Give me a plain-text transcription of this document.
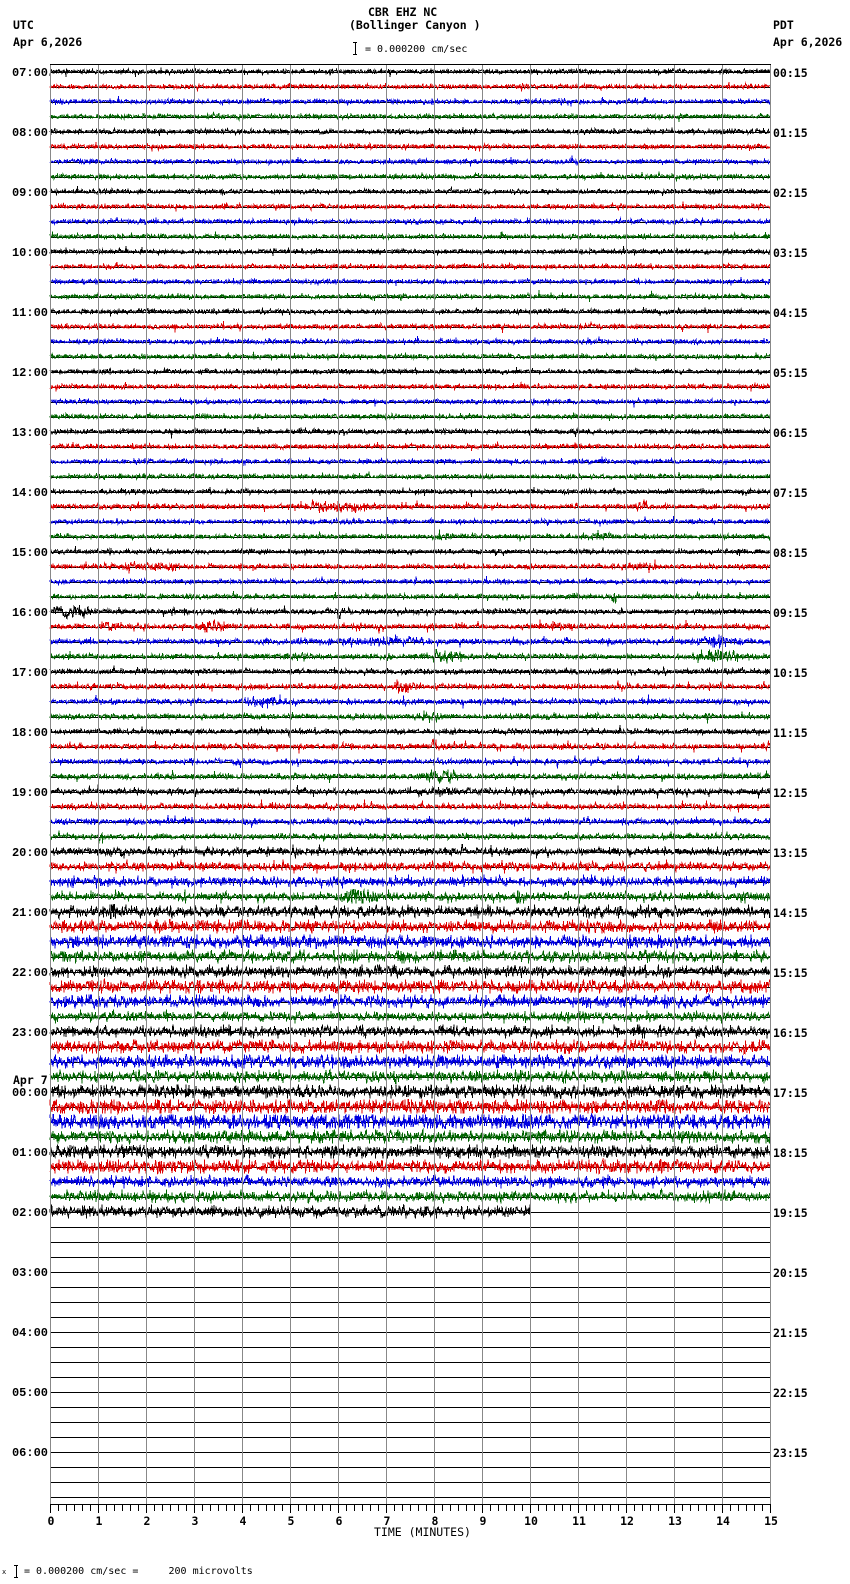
CBR EHZ NC
(Bollinger Canyon )
UTC
Apr 6,2026
PDT
Apr 6,2026
= 0.000200 cm/sec
07:00
08:00
09:00
10:00
11:00
12:00
13:00
14:00
15:00
16:00
17:00
18:00
19:00
20:00
21:00
22:00
23:00
00:00
01:00
02:00
03:00
04:00
05:00
06:00
00:15
01:15
02:15
03:15
04:15
05:15
06:15
07:15
08:15
09:15
10:15
11:15
12:15
13:15
14:15
15:15
16:15
17:15
18:15
19:15
20:15
21:15
22:15
23:15
Apr 7
0	1	2	3	4	5	6	7	8	9	10	11	12	13	14	15
TIME (MINUTES)
x = 0.000200 cm/sec =     200 microvolts
